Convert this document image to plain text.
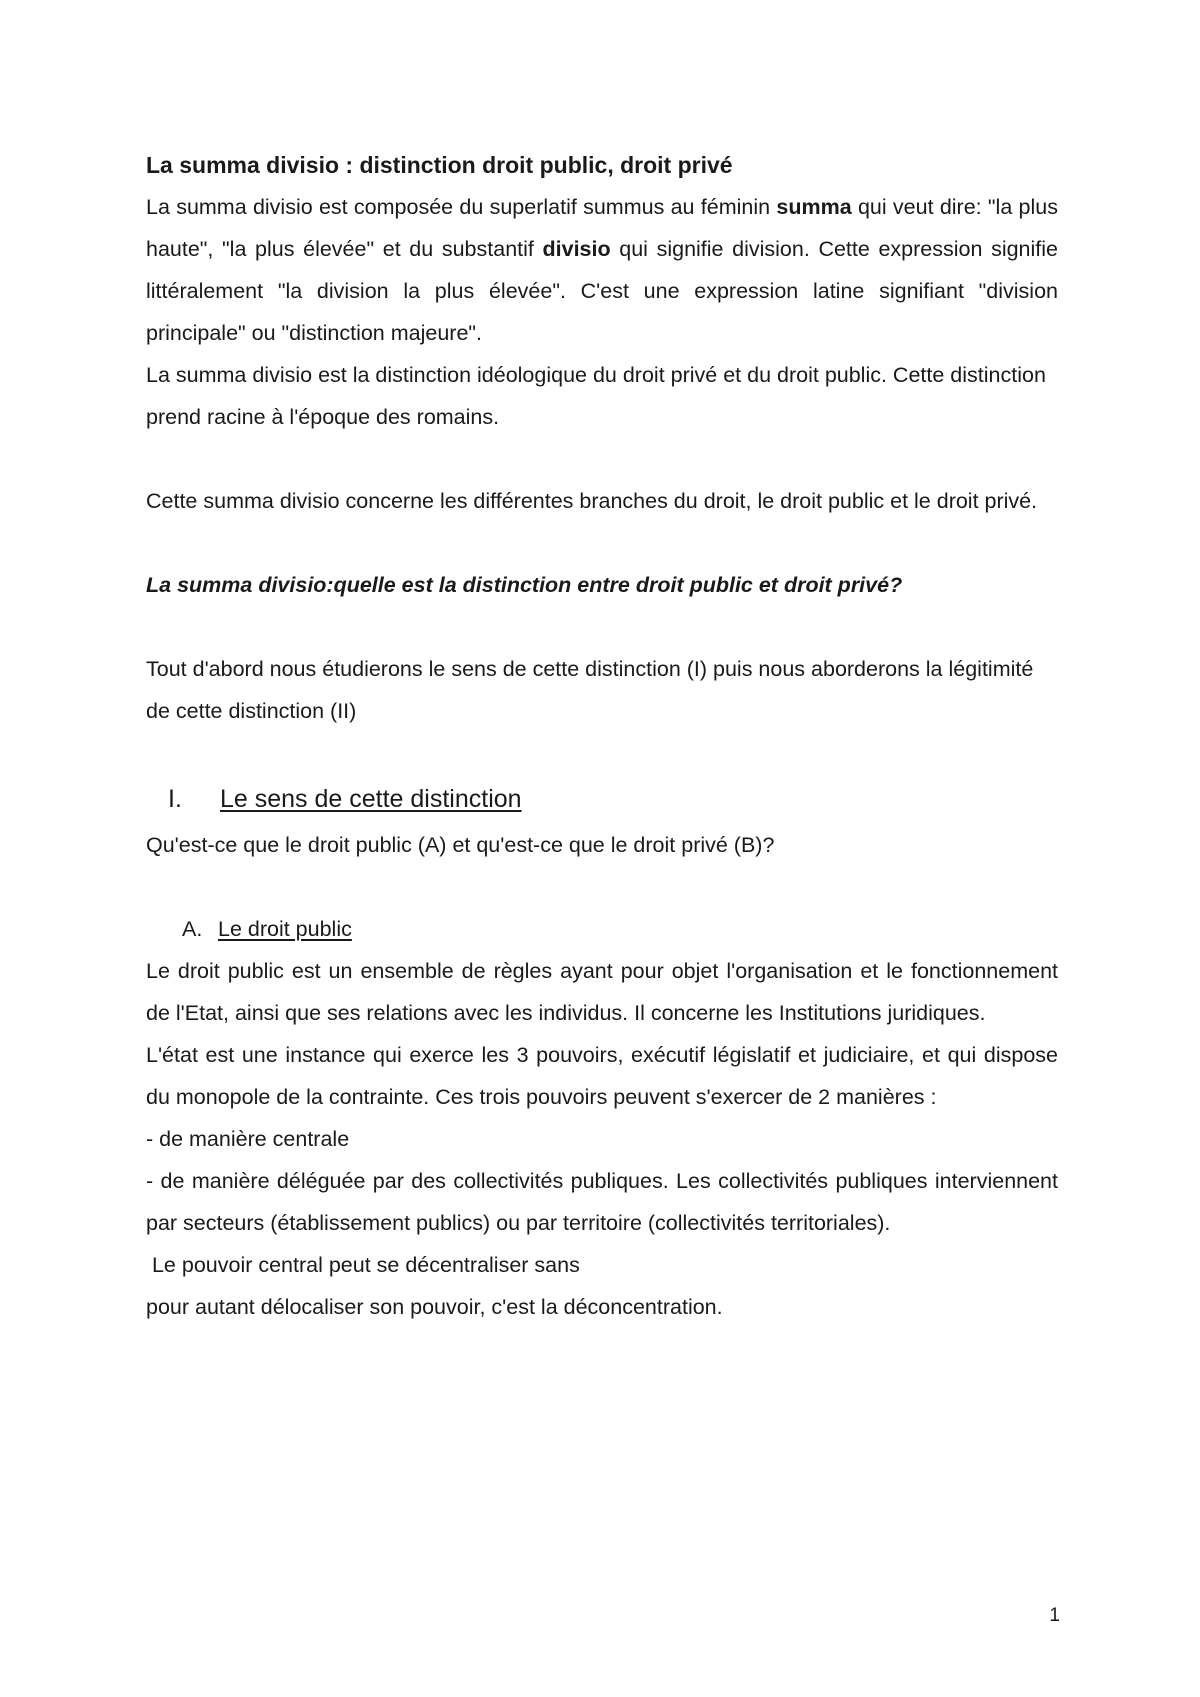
La summa divisio : distinction droit public, droit privé

La summa divisio est composée du superlatif summus au féminin summa qui veut dire: "la plus haute", "la plus élevée" et du substantif divisio qui signifie division. Cette expression signifie littéralement "la division la plus élevée". C'est une expression latine signifiant "division principale" ou "distinction majeure".

La summa divisio est la distinction idéologique du droit privé et du droit public. Cette distinction prend racine à l'époque des romains.

Cette summa divisio concerne les différentes branches du droit, le droit public et le droit privé.

La summa divisio:quelle est la distinction entre droit public et droit privé?

Tout d'abord nous étudierons le sens de cette distinction (I) puis nous aborderons la légitimité de cette distinction (II)

I.	Le sens de cette distinction

Qu'est-ce que le droit public (A) et qu'est-ce que le droit privé (B)?

A. Le droit public

Le droit public est un ensemble de règles ayant pour objet l'organisation et le fonctionnement de l'Etat, ainsi que ses relations avec les individus. Il concerne les Institutions juridiques.

L'état est une instance qui exerce les 3 pouvoirs, exécutif législatif et judiciaire, et qui dispose du monopole de la contrainte. Ces trois pouvoirs peuvent s'exercer de 2 manières :

- de manière centrale

- de manière déléguée par des collectivités publiques. Les collectivités publiques interviennent par secteurs (établissement publics) ou par territoire (collectivités territoriales).

Le pouvoir central peut se décentraliser sans

pour autant délocaliser son pouvoir, c'est la déconcentration.

1
